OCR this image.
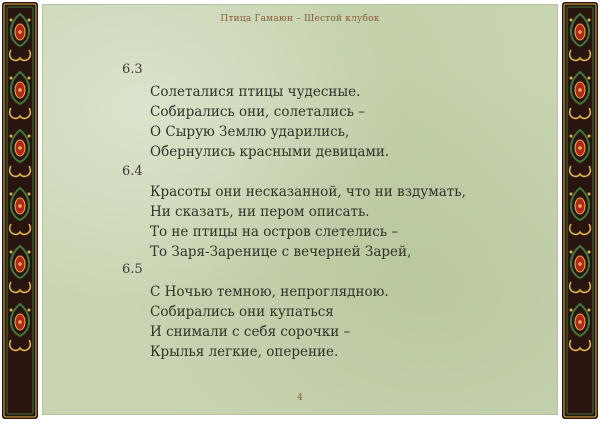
Птица Гамаюн – Шестой клубок
6.3
Солеталися птицы чудесные.
Собирались они, солетались –
О Сырую Землю ударились,
Обернулись красными девицами.
6.4
Красоты они несказанной, что ни вздумать,
Ни сказать, ни пером описать.
То не птицы на остров слетелись –
То Заря-Заренице с вечерней Зарей,
6.5
С Ночью темною, непроглядною.
Собирались они купаться
И снимали с себя сорочки –
Крылья легкие, оперение.
4
